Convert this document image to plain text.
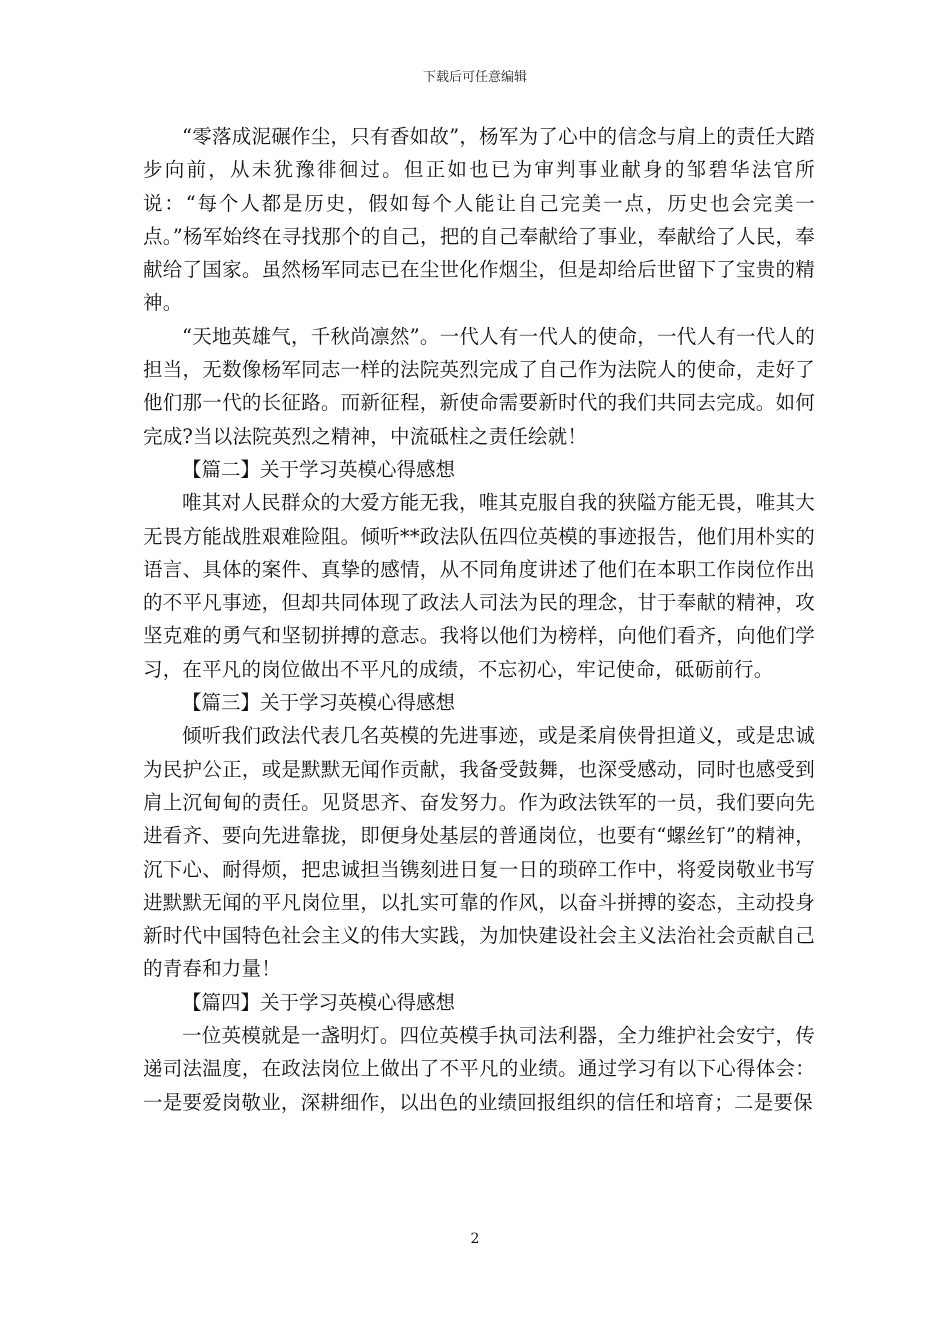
下载后可任意编辑

“零落成泥碾作尘，只有香如故”，杨军为了心中的信念与肩上的责任大踏步向前，从未犹豫徘徊过。但正如也已为审判事业献身的邹碧华法官所说：“每个人都是历史，假如每个人能让自己完美一点，历史也会完美一点。”杨军始终在寻找那个的自己，把的自己奉献给了事业，奉献给了人民，奉献给了国家。虽然杨军同志已在尘世化作烟尘，但是却给后世留下了宝贵的精神。

“天地英雄气，千秋尚凛然”。一代人有一代人的使命，一代人有一代人的担当，无数像杨军同志一样的法院英烈完成了自己作为法院人的使命，走好了他们那一代的长征路。而新征程，新使命需要新时代的我们共同去完成。如何完成?当以法院英烈之精神，中流砥柱之责任绘就！

【篇二】关于学习英模心得感想

唯其对人民群众的大爱方能无我，唯其克服自我的狭隘方能无畏，唯其大无畏方能战胜艰难险阻。倾听**政法队伍四位英模的事迹报告，他们用朴实的语言、具体的案件、真挚的感情，从不同角度讲述了他们在本职工作岗位作出的不平凡事迹，但却共同体现了政法人司法为民的理念，甘于奉献的精神，攻坚克难的勇气和坚韧拼搏的意志。我将以他们为榜样，向他们看齐，向他们学习，在平凡的岗位做出不平凡的成绩，不忘初心，牢记使命，砥砺前行。

【篇三】关于学习英模心得感想

倾听我们政法代表几名英模的先进事迹，或是柔肩侠骨担道义，或是忠诚为民护公正，或是默默无闻作贡献，我备受鼓舞，也深受感动，同时也感受到肩上沉甸甸的责任。见贤思齐、奋发努力。作为政法铁军的一员，我们要向先进看齐、要向先进靠拢，即便身处基层的普通岗位，也要有“螺丝钉”的精神，沉下心、耐得烦，把忠诚担当镌刻进日复一日的琐碎工作中，将爱岗敬业书写进默默无闻的平凡岗位里，以扎实可靠的作风，以奋斗拼搏的姿态，主动投身新时代中国特色社会主义的伟大实践，为加快建设社会主义法治社会贡献自己的青春和力量！

【篇四】关于学习英模心得感想

一位英模就是一盏明灯。四位英模手执司法利器，全力维护社会安宁，传递司法温度，在政法岗位上做出了不平凡的业绩。通过学习有以下心得体会：一是要爱岗敬业，深耕细作，以出色的业绩回报组织的信任和培育；二是要保

2
